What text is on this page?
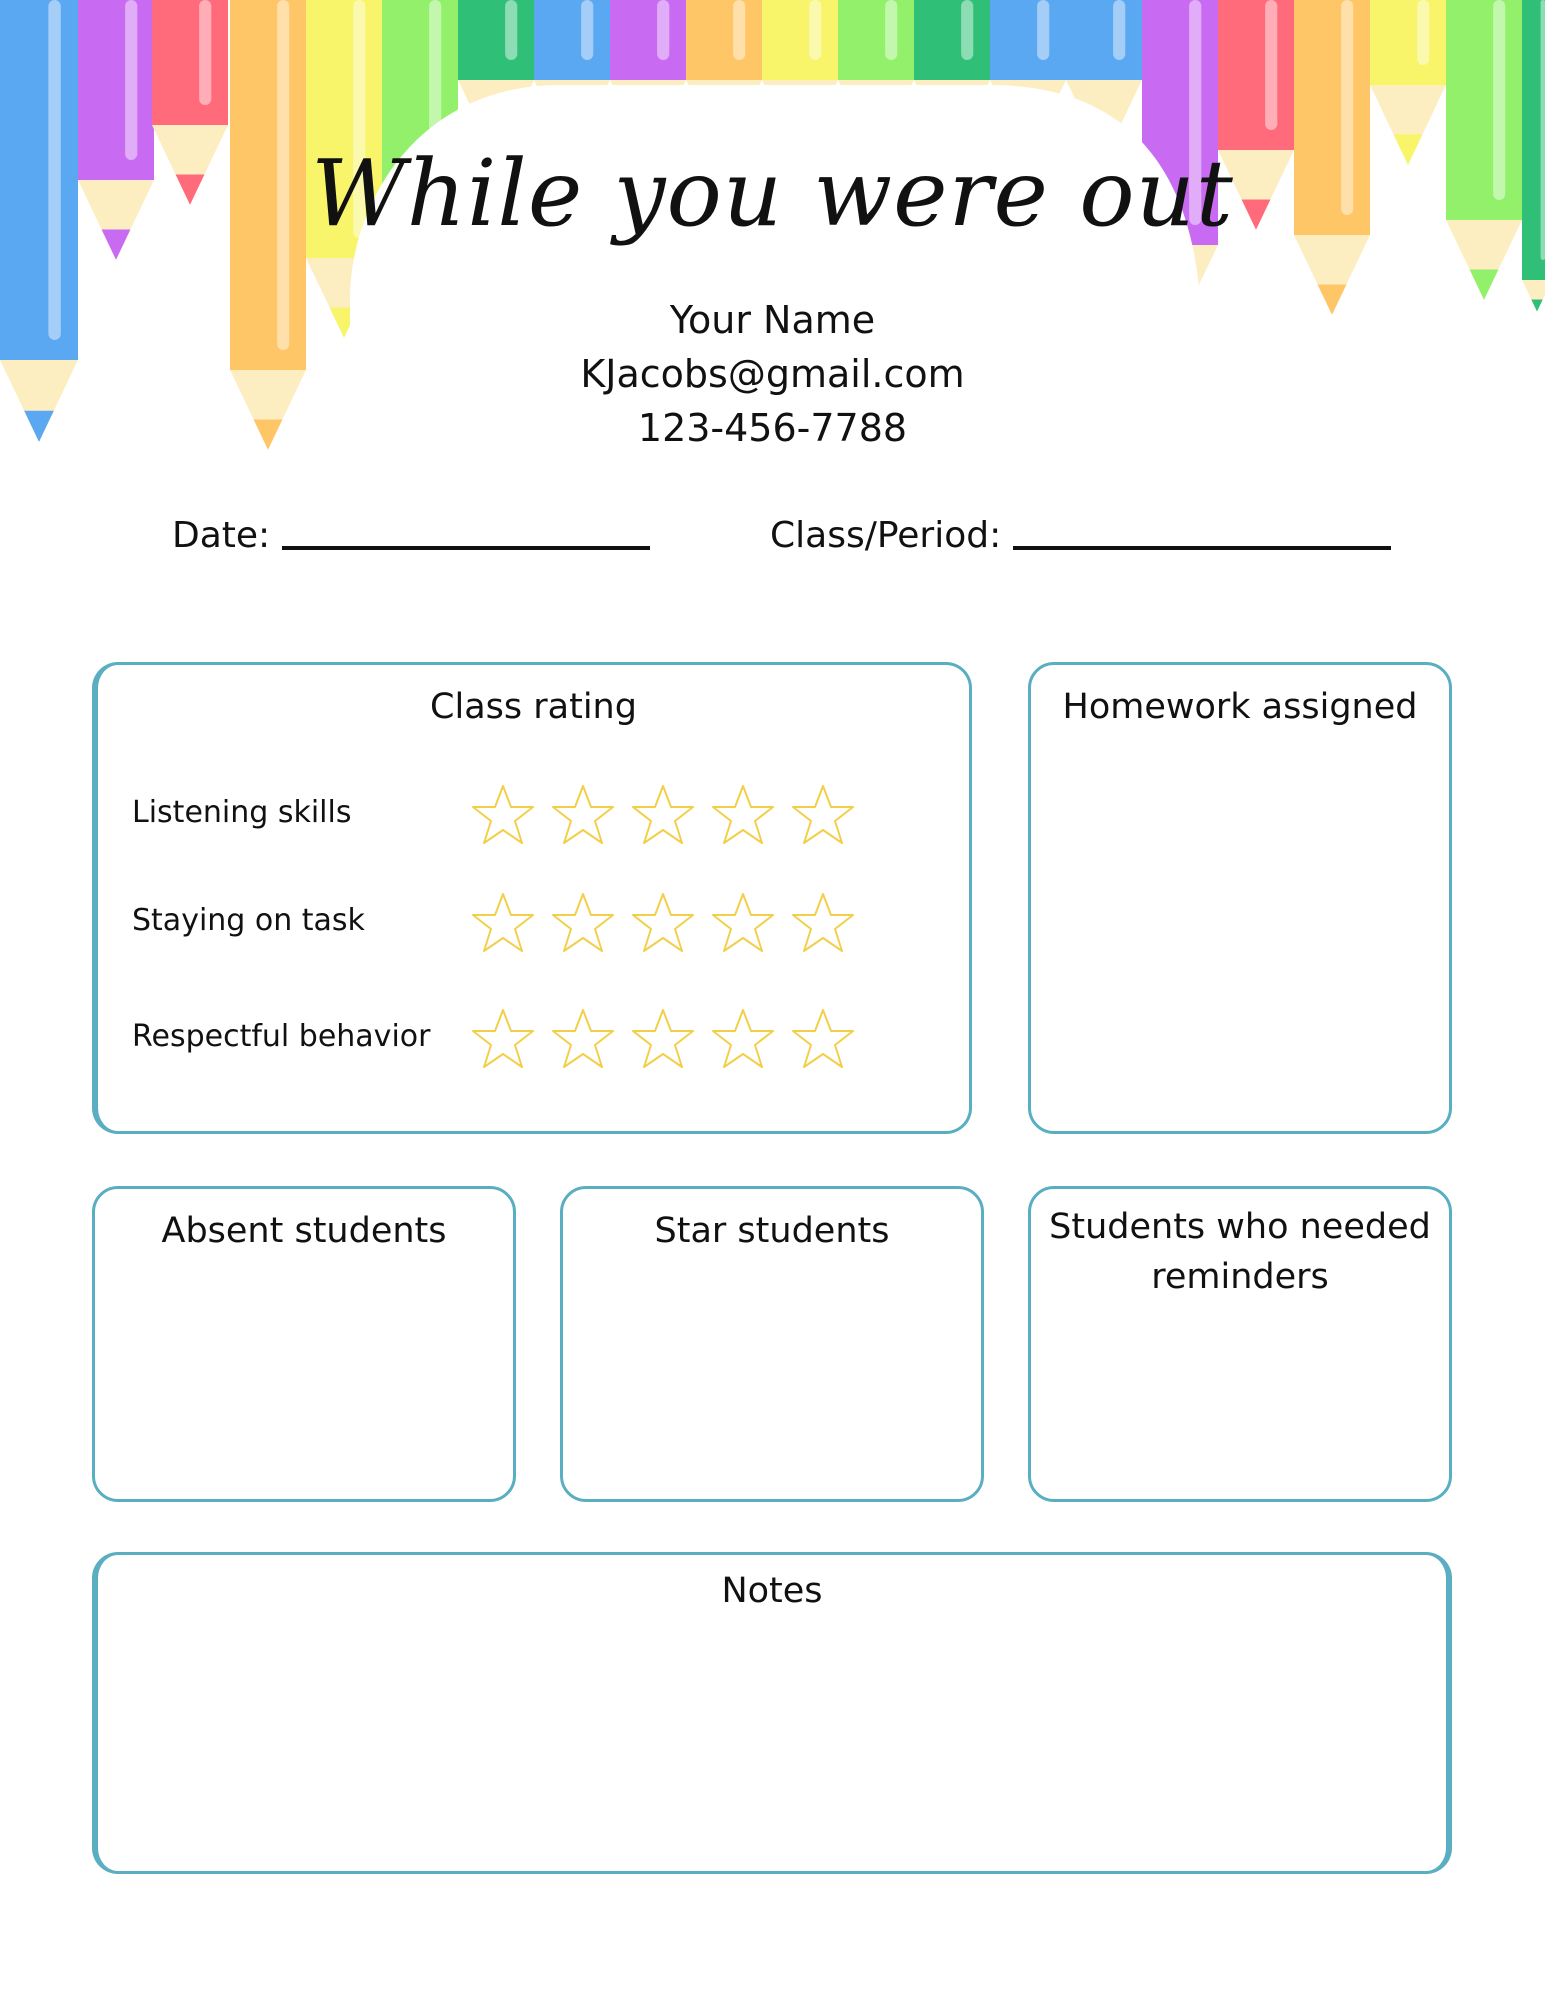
While you were out
Your Name
KJacobs@gmail.com
123-456-7788
Date:	Class/Period:
Class rating
Listening skills
Staying on task
Respectful behavior
Homework assigned
Absent students	Star students	Students who needed
reminders
Notes
